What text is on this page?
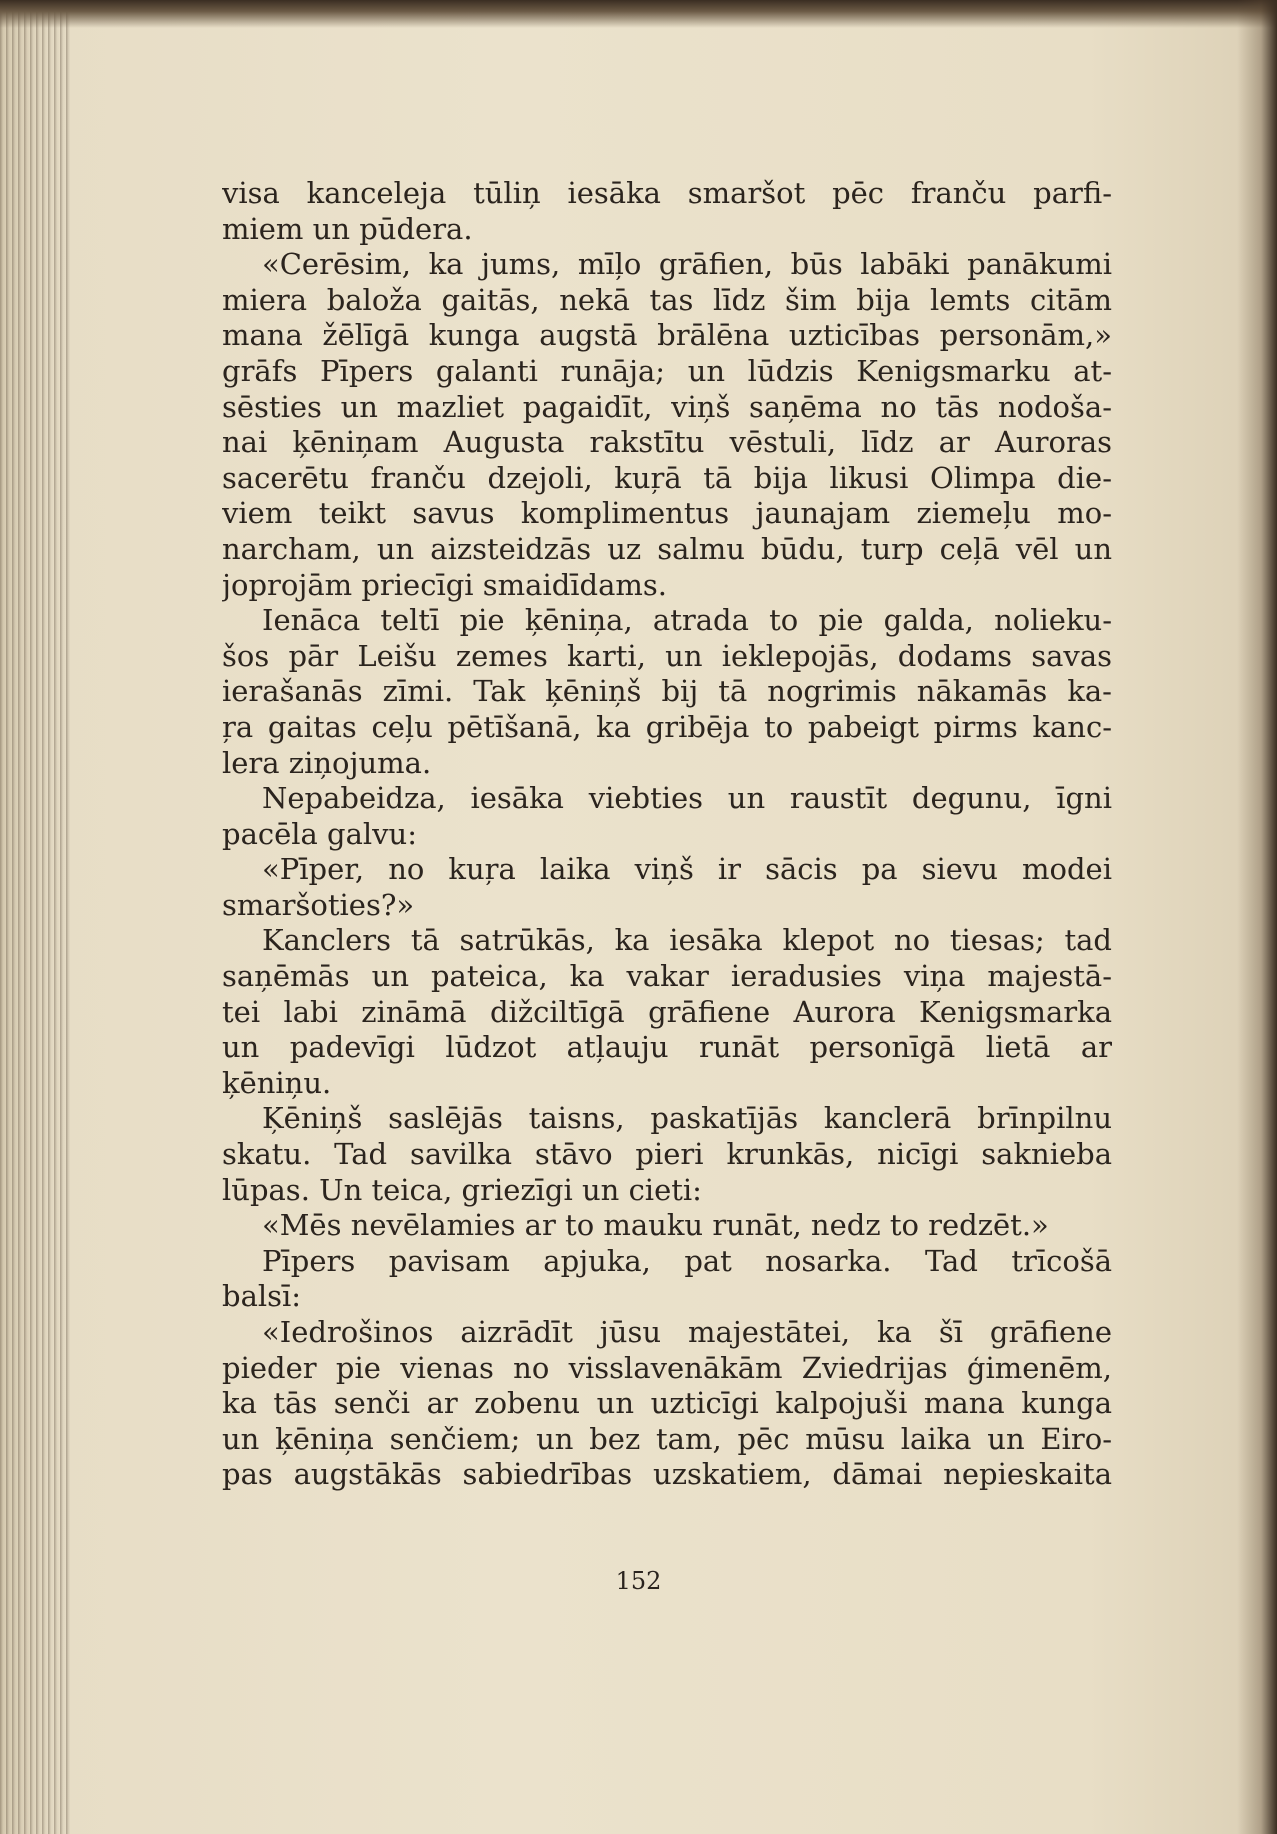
visa kanceleja tūliņ iesāka smaršot pēc franču parfi-
miem un pūdera.
«Cerēsim, ka jums, mīļo grāfien, būs labāki panākumi
miera baloža gaitās, nekā tas līdz šim bija lemts citām
mana žēlīgā kunga augstā brālēna uzticības personām,»
grāfs Pīpers galanti runāja; un lūdzis Kenigsmarku at-
sēsties un mazliet pagaidīt, viņš saņēma no tās nodoša-
nai ķēniņam Augusta rakstītu vēstuli, līdz ar Auroras
sacerētu franču dzejoli, kuŗā tā bija likusi Olimpa die-
viem teikt savus komplimentus jaunajam ziemeļu mo-
narcham, un aizsteidzās uz salmu būdu, turp ceļā vēl un
joprojām priecīgi smaidīdams.
Ienāca teltī pie ķēniņa, atrada to pie galda, nolieku-
šos pār Leišu zemes karti, un ieklepojās, dodams savas
ierašanās zīmi. Tak ķēniņš bij tā nogrimis nākamās ka-
ŗa gaitas ceļu pētīšanā, ka gribēja to pabeigt pirms kanc-
lera ziņojuma.
Nepabeidza, iesāka viebties un raustīt degunu, īgni
pacēla galvu:
«Pīper, no kuŗa laika viņš ir sācis pa sievu modei
smaršoties?»
Kanclers tā satrūkās, ka iesāka klepot no tiesas; tad
saņēmās un pateica, ka vakar ieradusies viņa majestā-
tei labi zināmā dižciltīgā grāfiene Aurora Kenigsmarka
un padevīgi lūdzot atļauju runāt personīgā lietā ar
ķēniņu.
Ķēniņš saslējās taisns, paskatījās kanclerā brīnpilnu
skatu. Tad savilka stāvo pieri krunkās, nicīgi saknieba
lūpas. Un teica, griezīgi un cieti:
«Mēs nevēlamies ar to mauku runāt, nedz to redzēt.»
Pīpers pavisam apjuka, pat nosarka. Tad trīcošā
balsī:
«Iedrošinos aizrādīt jūsu majestātei, ka šī grāfiene
pieder pie vienas no visslavenākām Zviedrijas ģimenēm,
ka tās senči ar zobenu un uzticīgi kalpojuši mana kunga
un ķēniņa senčiem; un bez tam, pēc mūsu laika un Eiro-
pas augstākās sabiedrības uzskatiem, dāmai nepieskaita
152
